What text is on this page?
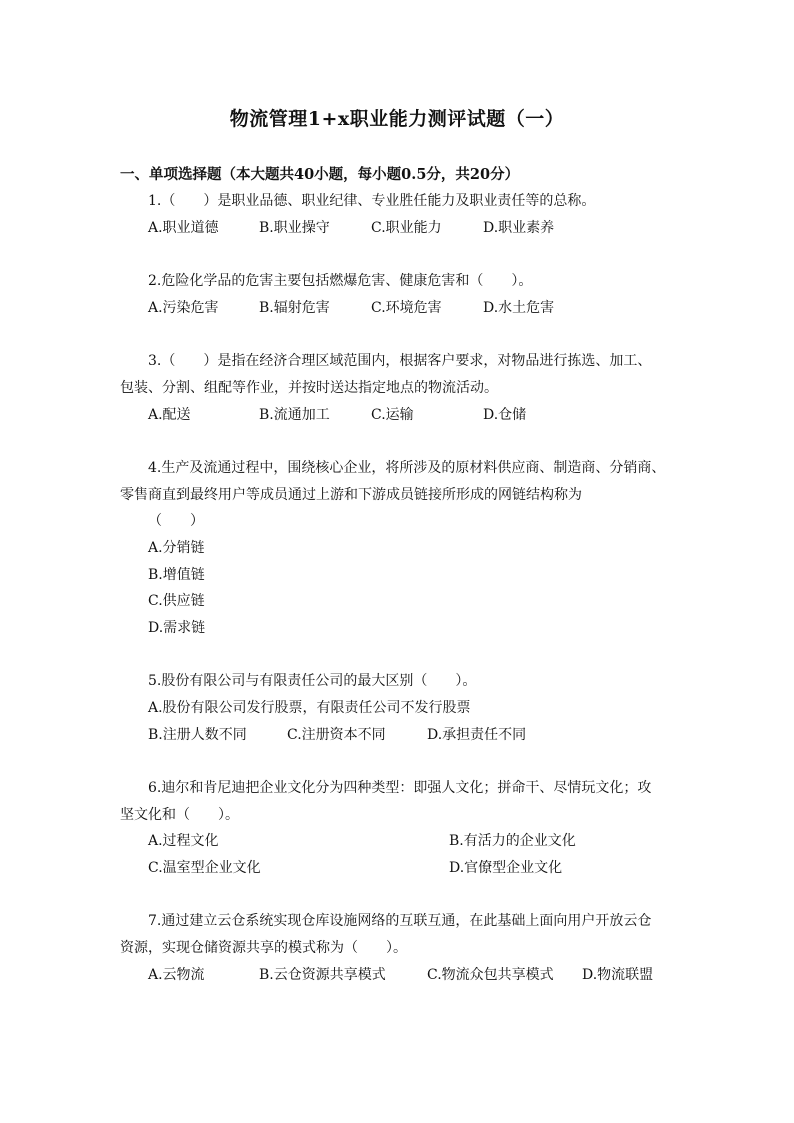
物流管理1+x职业能力测评试题（一）
一、单项选择题（本大题共40小题，每小题0.5分，共20分）
1.（　　）是职业品德、职业纪律、专业胜任能力及职业责任等的总称。
A.职业道德	B.职业操守	C.职业能力	D.职业素养
2.危险化学品的危害主要包括燃爆危害、健康危害和（　　）。
A.污染危害	B.辐射危害	C.环境危害	D.水土危害
3.（　　）是指在经济合理区域范围内，根据客户要求，对物品进行拣选、加工、
包装、分割、组配等作业，并按时送达指定地点的物流活动。
A.配送	B.流通加工	C.运输	D.仓储
4.生产及流通过程中，围绕核心企业，将所涉及的原材料供应商、制造商、分销商、
零售商直到最终用户等成员通过上游和下游成员链接所形成的网链结构称为
（　　）
A.分销链
B.增值链
C.供应链
D.需求链
5.股份有限公司与有限责任公司的最大区别（　　）。
A.股份有限公司发行股票，有限责任公司不发行股票
B.注册人数不同	C.注册资本不同	D.承担责任不同
6.迪尔和肯尼迪把企业文化分为四种类型：即强人文化；拼命干、尽情玩文化；攻
坚文化和（　　）。
A.过程文化	B.有活力的企业文化
C.温室型企业文化	D.官僚型企业文化
7.通过建立云仓系统实现仓库设施网络的互联互通，在此基础上面向用户开放云仓
资源，实现仓储资源共享的模式称为（　　）。
A.云物流	B.云仓资源共享模式	C.物流众包共享模式 D.物流联盟
